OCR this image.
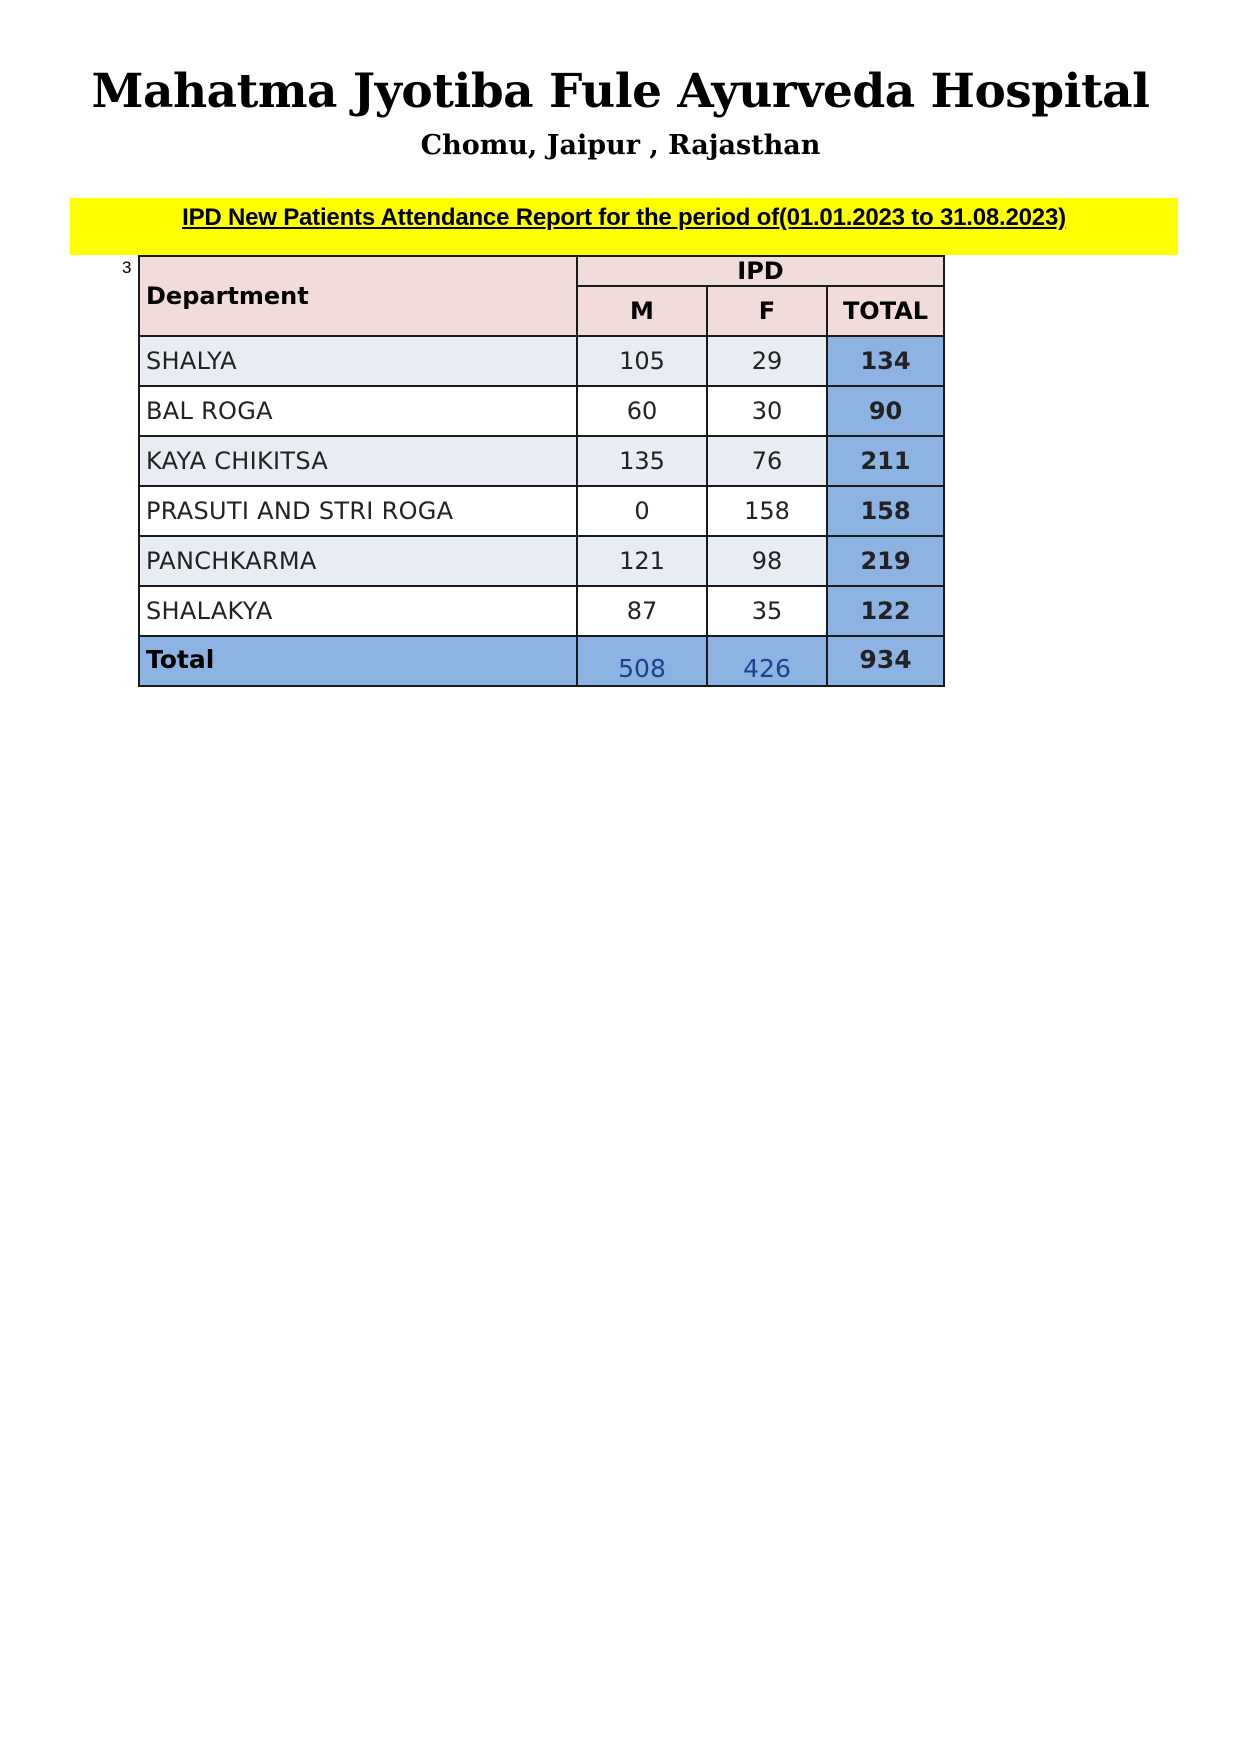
Mahatma Jyotiba Fule Ayurveda Hospital
Chomu, Jaipur , Rajasthan
IPD New Patients Attendance Report for the period of(01.01.2023 to 31.08.2023)
3
Department	IPD		
	M	F	TOTAL
SHALYA	105	29	134
BAL ROGA	60	30	90
KAYA CHIKITSA	135	76	211
PRASUTI AND STRI ROGA	0	158	158
PANCHKARMA	121	98	219
SHALAKYA	87	35	122
Total	508	426	934
